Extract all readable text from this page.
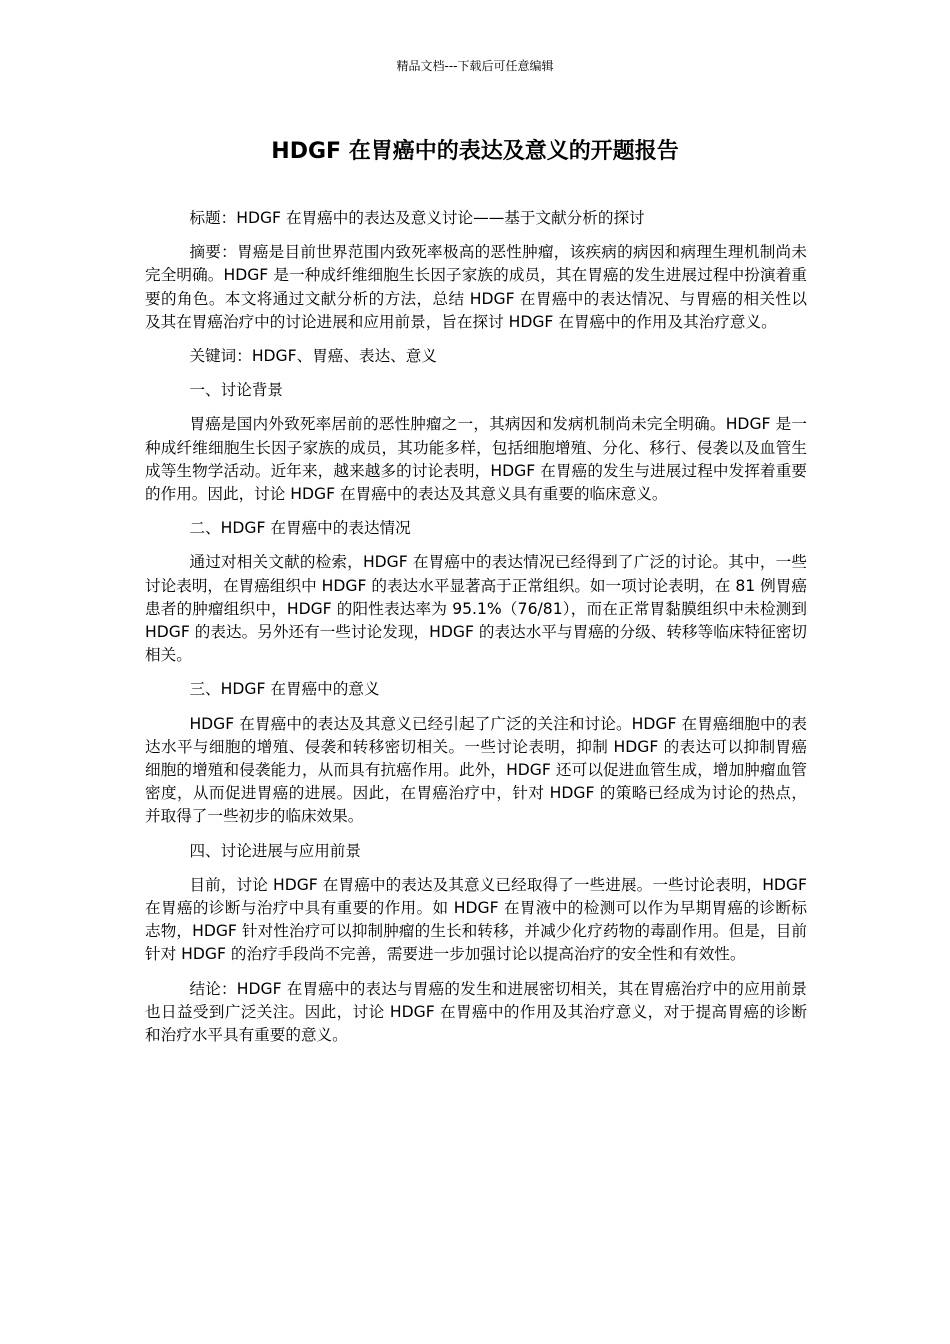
精品文档---下载后可任意编辑
HDGF 在胃癌中的表达及意义的开题报告

标题：HDGF 在胃癌中的表达及意义讨论——基于文献分析的探讨

摘要：胃癌是目前世界范围内致死率极高的恶性肿瘤，该疾病的病因和病理生理机制尚未完全明确。HDGF 是一种成纤维细胞生长因子家族的成员，其在胃癌的发生进展过程中扮演着重要的角色。本文将通过文献分析的方法，总结 HDGF 在胃癌中的表达情况、与胃癌的相关性以及其在胃癌治疗中的讨论进展和应用前景，旨在探讨 HDGF 在胃癌中的作用及其治疗意义。

关键词：HDGF、胃癌、表达、意义

一、讨论背景

胃癌是国内外致死率居前的恶性肿瘤之一，其病因和发病机制尚未完全明确。HDGF 是一种成纤维细胞生长因子家族的成员，其功能多样，包括细胞增殖、分化、移行、侵袭以及血管生成等生物学活动。近年来，越来越多的讨论表明，HDGF 在胃癌的发生与进展过程中发挥着重要的作用。因此，讨论 HDGF 在胃癌中的表达及其意义具有重要的临床意义。

二、HDGF 在胃癌中的表达情况

通过对相关文献的检索，HDGF 在胃癌中的表达情况已经得到了广泛的讨论。其中，一些讨论表明，在胃癌组织中 HDGF 的表达水平显著高于正常组织。如一项讨论表明，在 81 例胃癌患者的肿瘤组织中，HDGF 的阳性表达率为 95.1%（76/81），而在正常胃黏膜组织中未检测到 HDGF 的表达。另外还有一些讨论发现，HDGF 的表达水平与胃癌的分级、转移等临床特征密切相关。

三、HDGF 在胃癌中的意义

HDGF 在胃癌中的表达及其意义已经引起了广泛的关注和讨论。HDGF 在胃癌细胞中的表达水平与细胞的增殖、侵袭和转移密切相关。一些讨论表明，抑制 HDGF 的表达可以抑制胃癌细胞的增殖和侵袭能力，从而具有抗癌作用。此外，HDGF 还可以促进血管生成，增加肿瘤血管密度，从而促进胃癌的进展。因此，在胃癌治疗中，针对 HDGF 的策略已经成为讨论的热点，并取得了一些初步的临床效果。

四、讨论进展与应用前景

目前，讨论 HDGF 在胃癌中的表达及其意义已经取得了一些进展。一些讨论表明，HDGF 在胃癌的诊断与治疗中具有重要的作用。如 HDGF 在胃液中的检测可以作为早期胃癌的诊断标志物，HDGF 针对性治疗可以抑制肿瘤的生长和转移，并减少化疗药物的毒副作用。但是，目前针对 HDGF 的治疗手段尚不完善，需要进一步加强讨论以提高治疗的安全性和有效性。

结论：HDGF 在胃癌中的表达与胃癌的发生和进展密切相关，其在胃癌治疗中的应用前景也日益受到广泛关注。因此，讨论 HDGF 在胃癌中的作用及其治疗意义，对于提高胃癌的诊断和治疗水平具有重要的意义。
